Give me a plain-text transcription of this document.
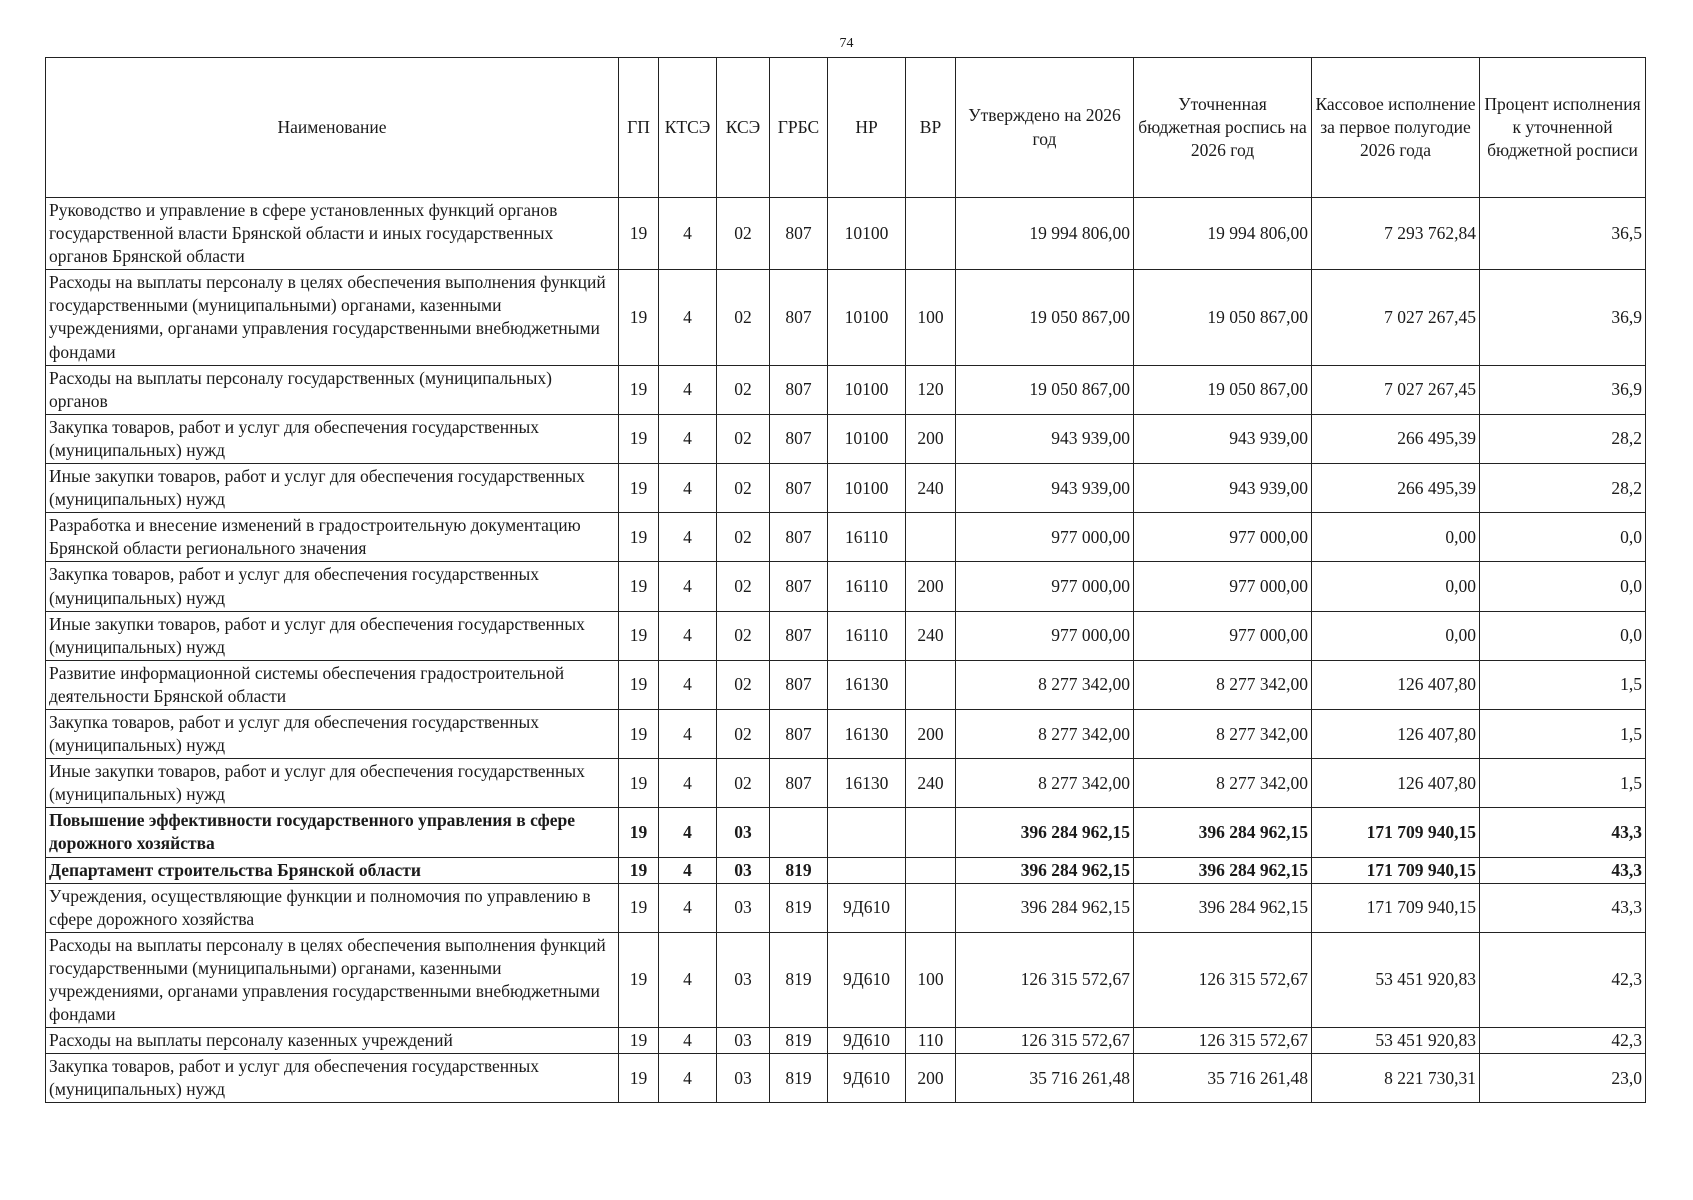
74
Наименование	ГП	КТСЭ	КСЭ	ГРБС	НР	ВР	Утверждено на 2026 год	Уточненная бюджетная роспись на 2026 год	Кассовое исполнение за первое полугодие 2026 года	Процент исполнения к уточненной бюджетной росписи
Руководство и управление в сфере установленных функций органов государственной власти Брянской области и иных государственных органов Брянской области	19	4	02	807	10100		19 994 806,00	19 994 806,00	7 293 762,84	36,5
Расходы на выплаты персоналу в целях обеспечения выполнения функций государственными (муниципальными) органами, казенными учреждениями, органами управления государственными внебюджетными фондами	19	4	02	807	10100	100	19 050 867,00	19 050 867,00	7 027 267,45	36,9
Расходы на выплаты персоналу государственных (муниципальных) органов	19	4	02	807	10100	120	19 050 867,00	19 050 867,00	7 027 267,45	36,9
Закупка товаров, работ и услуг для обеспечения государственных (муниципальных) нужд	19	4	02	807	10100	200	943 939,00	943 939,00	266 495,39	28,2
Иные закупки товаров, работ и услуг для обеспечения государственных (муниципальных) нужд	19	4	02	807	10100	240	943 939,00	943 939,00	266 495,39	28,2
Разработка и внесение изменений в градостроительную документацию Брянской области регионального значения	19	4	02	807	16110		977 000,00	977 000,00	0,00	0,0
Закупка товаров, работ и услуг для обеспечения государственных (муниципальных) нужд	19	4	02	807	16110	200	977 000,00	977 000,00	0,00	0,0
Иные закупки товаров, работ и услуг для обеспечения государственных (муниципальных) нужд	19	4	02	807	16110	240	977 000,00	977 000,00	0,00	0,0
Развитие информационной системы обеспечения градостроительной деятельности Брянской области	19	4	02	807	16130		8 277 342,00	8 277 342,00	126 407,80	1,5
Закупка товаров, работ и услуг для обеспечения государственных (муниципальных) нужд	19	4	02	807	16130	200	8 277 342,00	8 277 342,00	126 407,80	1,5
Иные закупки товаров, работ и услуг для обеспечения государственных (муниципальных) нужд	19	4	02	807	16130	240	8 277 342,00	8 277 342,00	126 407,80	1,5
Повышение эффективности государственного управления в сфере дорожного хозяйства	19	4	03				396 284 962,15	396 284 962,15	171 709 940,15	43,3
Департамент строительства Брянской области	19	4	03	819			396 284 962,15	396 284 962,15	171 709 940,15	43,3
Учреждения, осуществляющие функции и полномочия по управлению в сфере дорожного хозяйства	19	4	03	819	9Д610		396 284 962,15	396 284 962,15	171 709 940,15	43,3
Расходы на выплаты персоналу в целях обеспечения выполнения функций государственными (муниципальными) органами, казенными учреждениями, органами управления государственными внебюджетными фондами	19	4	03	819	9Д610	100	126 315 572,67	126 315 572,67	53 451 920,83	42,3
Расходы на выплаты персоналу казенных учреждений	19	4	03	819	9Д610	110	126 315 572,67	126 315 572,67	53 451 920,83	42,3
Закупка товаров, работ и услуг для обеспечения государственных (муниципальных) нужд	19	4	03	819	9Д610	200	35 716 261,48	35 716 261,48	8 221 730,31	23,0
